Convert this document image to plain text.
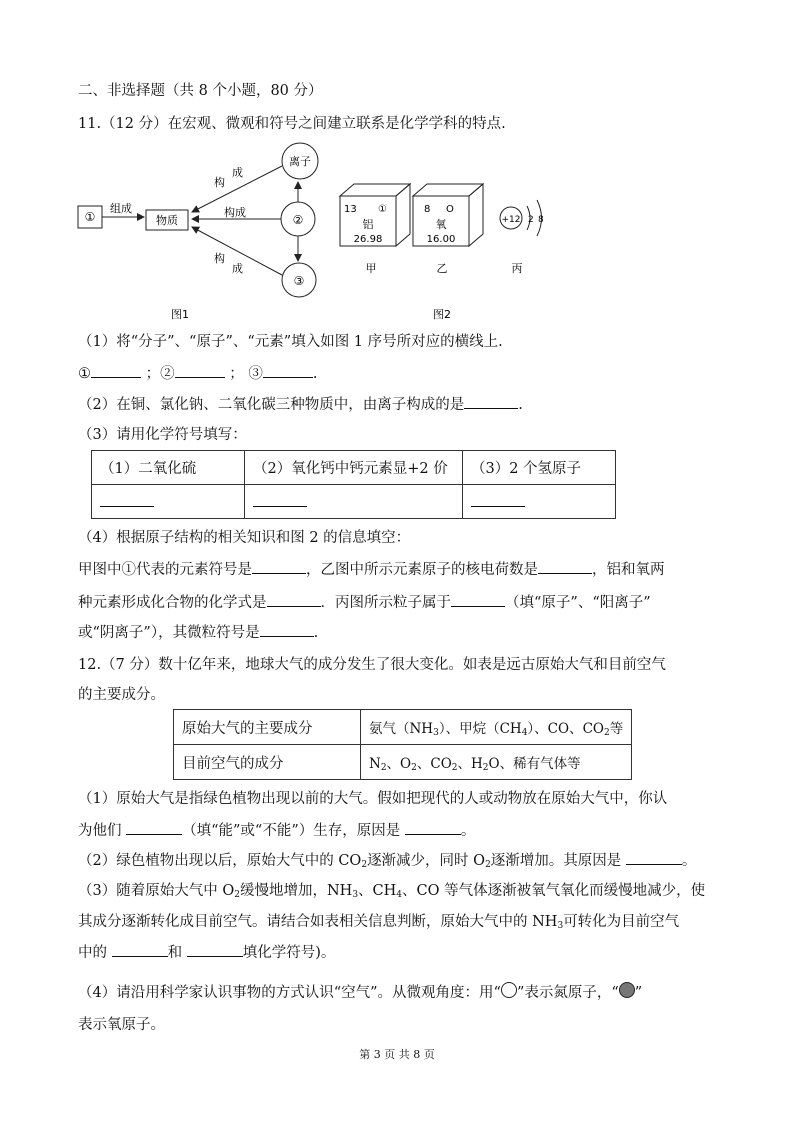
二、非选择题（共 8 个小题，80 分）
11.（12 分）在宏观、微观和符号之间建立联系是化学学科的特点.
①
组成
物质
离子
②
③
构
成
构成
构
成
图1
13 ①
铝
26.98
8 O
氧
16.00
+12 2 8
甲	乙	丙
图2
（1）将“分子”、“原子”、“元素”填入如图 1 序号所对应的横线上.
①	；②	； ③	.
（2）在铜、氯化钠、二氧化碳三种物质中，由离子构成的是	.
（3）请用化学符号填写：
（1）二氧化硫	（2）氧化钙中钙元素显+2 价	（3）2 个氢原子

（4）根据原子结构的相关知识和图 2 的信息填空：
甲图中①代表的元素符号是	，乙图中所示元素原子的核电荷数是	，铝和氧两
种元素形成化合物的化学式是	．丙图所示粒子属于	（填“原子”、“阳离子”
或“阴离子”），其微粒符号是	.
12.（7 分）数十亿年来，地球大气的成分发生了很大变化。如表是远古原始大气和目前空气
的主要成分。
原始大气的主要成分	氨气$(NH_3)$、甲烷$(CH_4)$、CO、$CO_2$等
目前空气的成分	$N_2$、$O_2$、$CO_2$、$H_2O$、稀有气体等
（1）原始大气是指绿色植物出现以前的大气。假如把现代的人或动物放在原始大气中，你认
为他们	（填“能”或“不能”）生存，原因是	。
（2）绿色植物出现以后，原始大气中的 $CO_2$逐渐减少，同时 $O_2$逐渐增加。其原因是	。
（3）随着原始大气中 $O_2$缓慢地增加，$NH_3$、$CH_4$、CO 等气体逐渐被氧气氧化而缓慢地减少，使
其成分逐渐转化成目前空气。请结合如表相关信息判断，原始大气中的 $NH_3$可转化为目前空气
中的	和	填化学符号)。
（4）请沿用科学家认识事物的方式认识“空气”。从微观角度：用“ ”表示氮原子，“ ”
表示氧原子。
第 3 页 共 8 页
